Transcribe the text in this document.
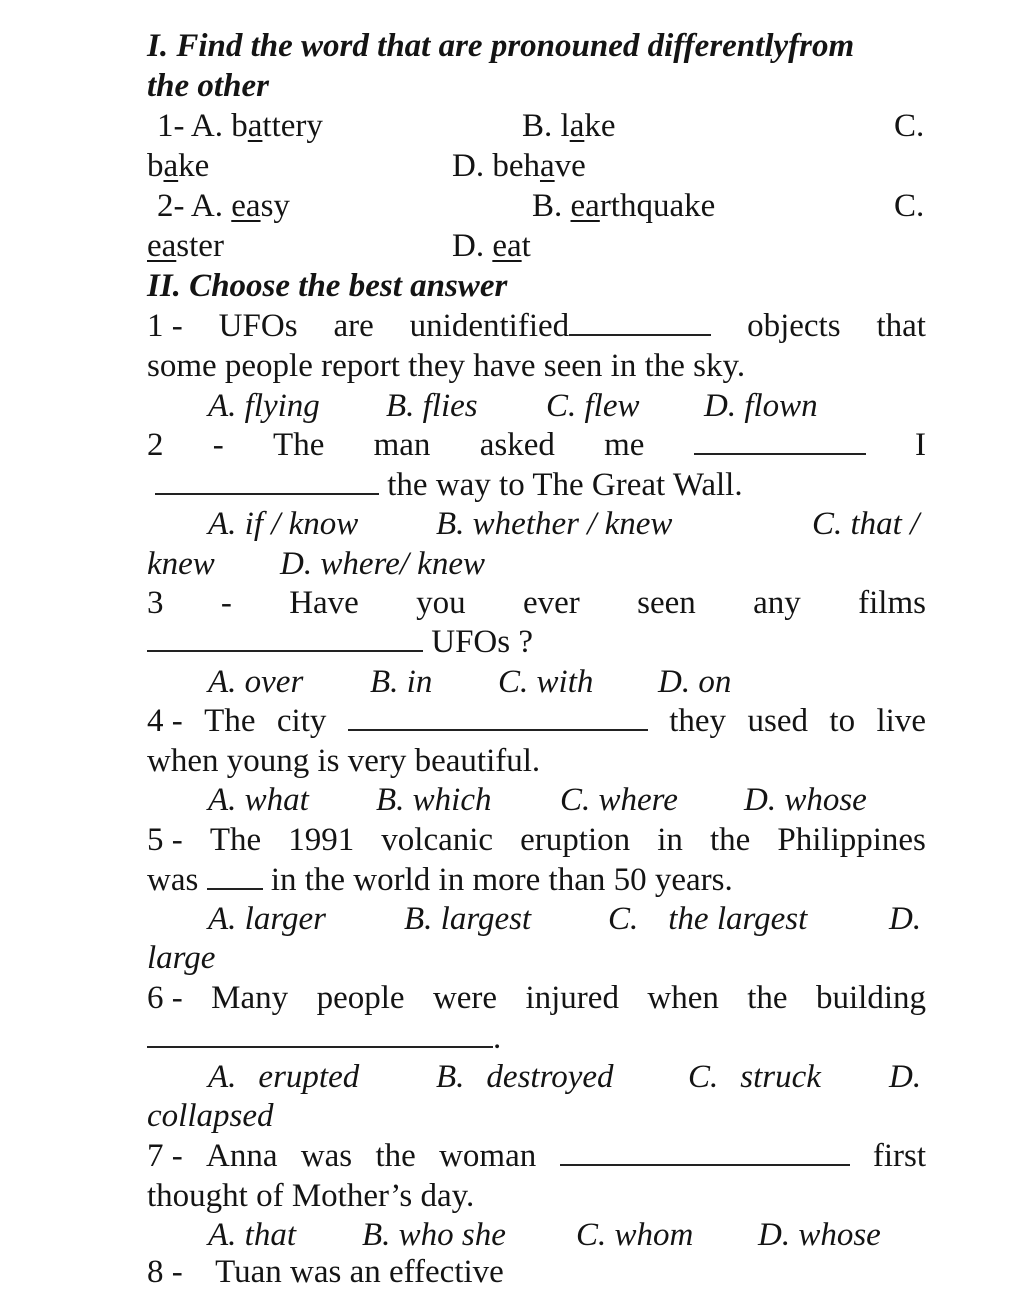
I. Find the word that are pronouned differentlyfrom
the other
1- A. battery	B. lake	C.
bake	D. behave
2- A. easy	B. earthquake	C.
easter	D. eat
II. Choose the best answer
1 - UFOs are unidentified	objects that
some people report they have seen in the sky.
A. flying B. flies C. flew D. flown
2 - The man asked me	I
the way to The Great Wall.
A. if / know B. whether / knew	C. that /
knew D. where/ knew
3 - Have you ever seen any films
UFOs ?
A. over B. in C. with D. on
4 - The city	they used to live
when young is very beautiful.
A. what B. which C. where D. whose
5 - The 1991 volcanic eruption in the Philippines
was in the world in more than 50 years.
A. larger B. largest C. the largest D.
large
6 - Many people were injured when the building
.
A. erupted B. destroyed C. struck D.
collapsed
7 - Anna was the woman	first
thought of Mother’s day.
A. that B. who she C. whom D. whose
8 -    Tuan was an effective
